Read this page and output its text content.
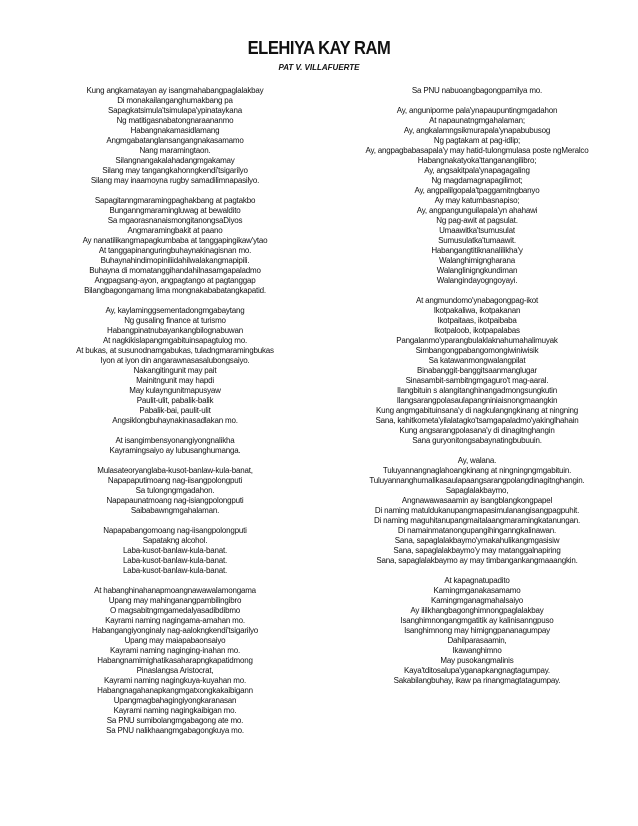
ELEHIYA KAY RAM
PAT V. VILLAFUERTE
Kung angkamatayan ay isangmahabangpaglalakbay
Di monakailanganghumakbang pa
Sapagkatsimula'tsimulapa'ypinataykana
Ng matitigasnabatongnaraananmo
Habangnakamasidlamang
Angmgabatanglansangangnakasamamo
Nang maramingtaon.
Silangnangakalahadangmgakamay
Silang may tangangkahonngkendi'tsigarilyo
Silang may inaamoyna rugby samadilimnapasilyo.
Sapagitanngmaramingpaghakbang at pagtakbo
Bunganngmaramingluwag at bewaldito
Sa mgaorasnanaismongitanongsaDiyos
Angmaramingbakit at paano
Ay nanatilikangmapagkumbaba at tanggapingikaw'ytao
At tanggapinanguringbuhaynakinagisnan mo.
Buhaynahindimopiniliidahilwalakangmapipili.
Buhayna di momatanggihandahilnasamgapaladmo
Angpagsang-ayon, angpagtango at pagtanggap
Bilangbagongamang lima mongnakababatangkapatid.
Ay, kaylaminggsementadongmgabaytang
Ng gusaling finance at turismo
Habangpinatnubayankangbilognabuwan
At nagkikislapangmgabituinsapagtulog mo.
At bukas, at susunodnamgabukas, tuladngmaramingbukas
Iyon at iyon din angarawnasasalubongsaiyo.
Nakangitingunit may pait
Mainitngunit may hapdi
May kulayngunitmapusyaw
Paulit-ulit, pabalik-balik
Pabalik-bai, paulit-ulit
Angsiklongbuhaynakinasadlakan mo.
At isangimbensyonangiyongnalikha
Kayramingsaiyo ay lubusanghumanga.
Mulasateoryanglaba-kusot-banlaw-kula-banat,
Napapaputimoang nag-iisangpolongputi
Sa tulongngmgadahon.
Napapaunatmoang nag-isiangpolongputi
Saibabawngmgahalaman.
Napapabangomoang nag-iisangpolongputi
Sapatakng alcohol.
Laba-kusot-banlaw-kula-banat.
Laba-kusot-banlaw-kula-banat.
Laba-kusot-banlaw-kula-banat.
At habanghinahanapmoangnawawalamongama
Upang may mahinganangpambilingibro
O magsabitngmgamedalyasadibdibmo
Kayrami naming nagingama-amahan mo.
Habangangiyonginaly nag-aalokngkendi'tsigarilyo
Upang may maiapabaonsaiyo
Kayrami naming naginging-inahan mo.
Habangnamimighatikasaharapngkapatidmong
Pinaslangsa Aristocrat,
Kayrami naming nagingkuya-kuyahan mo.
Habangnagahanapkangmgatxongkakaibigann
Upangmagbahagingiyongkaranasan
Kayrami naming nagingkaibigan mo.
Sa PNU sumibolangmgabagong ate mo.
Sa PNU nalikhaangmgabagongkuya mo.
Sa PNU nabuoangbagongpamilya mo.
Ay, anguniporme pala'ynapaupuntingmgadahon
At napaunatngmgahalaman;
Ay, angkalamngsikmurapala'ynapabubusog
Ng pagtakam at pag-idlip;
Ay, angpagbabasapala'y may hatid-tulongmulasa poste ngMeralco
Habangnakatyoka'ttanganangilibro;
Ay, angsakitpala'ynapagagaling
Ng magdamagnapagilimot;
Ay, angpalilgopala'tpaggamitngbanyo
Ay may katumbasnapiso;
Ay, angpangunguilapala'yn ahahawi
Ng pag-awit at pagsulat.
Umaawitka'tsumusulat
Sumusulatka'tumaawit.
Habangangtitiknanalilikha'y
Walanghimigngharana
Walanglinigngkundiman
Walangindayogngoyayi.
At angmundomo'ynabagongpag-ikot
Ikotpakaliwa, ikotpakanan
Ikotpaitaas, ikotpaibaba
Ikotpaloob, ikotpapalabas
Pangalanmo'yparangbulaklaknahumahalimuyak
Simbangongpabangomongiwiniwisik
Sa katawanmongwalangpilat
Binabanggit-banggitsaanmanglugar
Sinasambit-sambitngmgaguro't mag-aaral.
Ilangbituin s alangitanghinangadmongsungkutin
Ilangsarangpolasaulapangniniaisnongmaangkin
Kung angmgabituinsana'y di nagkulangngkinang at ningning
Sana, kahitkometa'yilalatagko'tsamgapaladmo'yakinglhahain
Kung angsarangpolasana'y di dinagitnghangin
Sana guryonitongsabaynatingbubuuin.
Ay, walana.
Tuluyannangnaglahoangkinang at ningningngmgabituin.
Tuluyannanghumalikasaulapaangsarangpolangdinagitnghangin.
Sapaglalakbaymo,
Angnawawasaamin ay isangblangkongpapel
Di naming matuldukanupangmapasimulanangisangpagpuhit.
Di naming maguhitanupangmaitalaangmaramingkatanungan.
Di namainmatanongupangihinganngkalinawan.
Sana, sapaglalakbaymo'ymakahulikangmgasisiw
Sana, sapaglalakbaymo'y may matanggalnapiring
Sana, sapaglalakbaymo ay may timbangankangmaaangkin.
At kapagnatupadito
Kamingmganakasamamo
Kamingmganagmahalsaiyo
Ay ililkhangbagonghimnongpaglalakbay
Isanghimnongangmgatitik ay kalinisanngpuso
Isanghimnong may himigngpananagumpay
Dahilparasaamin,
Ikawanghimno
May pusokangmalinis
Kaya'tditosalupa'yganapkangnagtagumpay.
Sakabilangbuhay, ikaw pa rinangmagtatagumpay.
